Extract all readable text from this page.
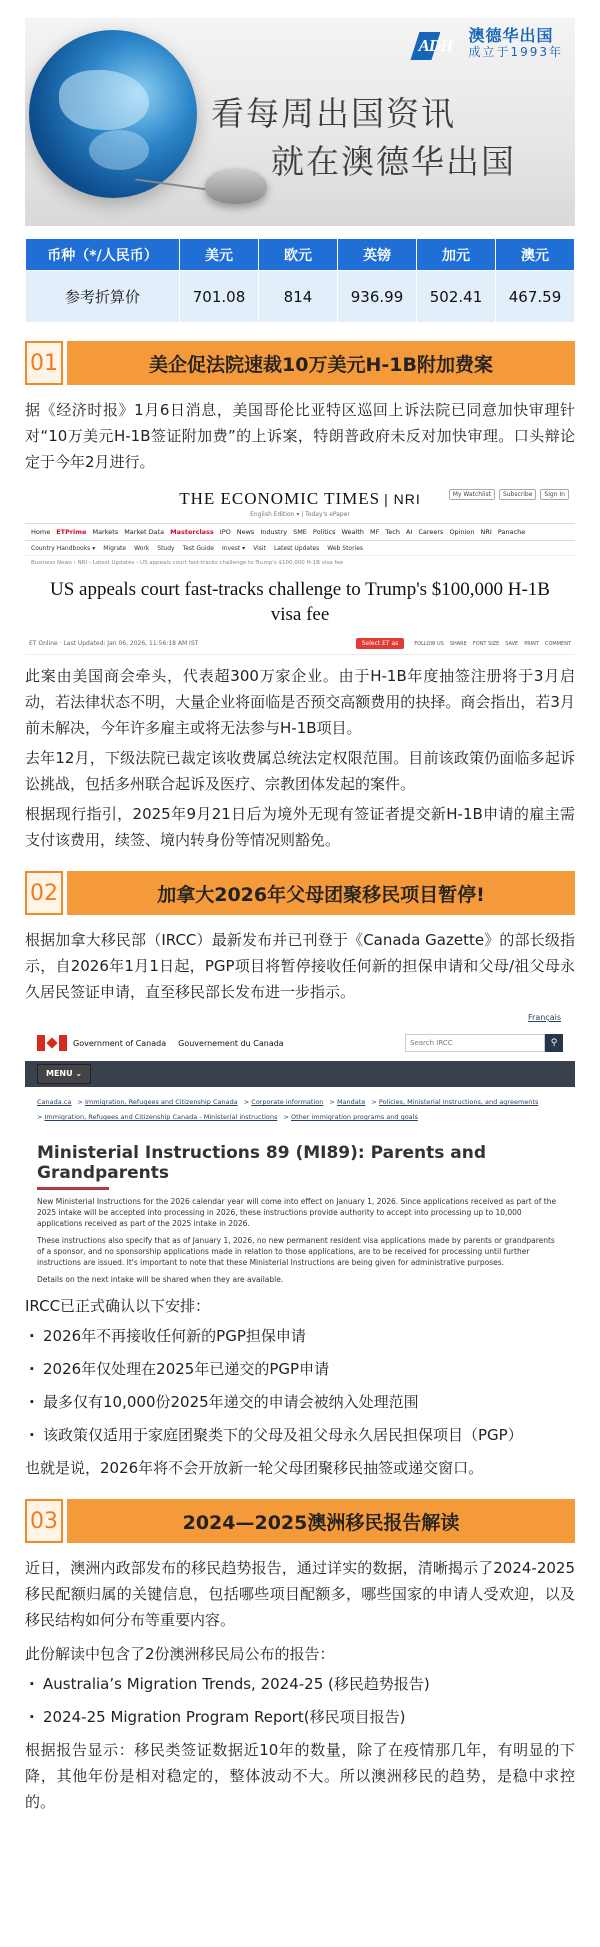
ADH
澳德华出国
成立于1993年
看每周出国资讯
就在澳德华出国
币种（*/人民币）	美元	欧元	英镑	加元	澳元
参考折算价	701.08	814	936.99	502.41	467.59
01	美企促法院速裁10万美元H-1B附加费案

据《经济时报》1月6日消息，美国哥伦比亚特区巡回上诉法院已同意加快审理针对“10万美元H-1B签证附加费”的上诉案，特朗普政府未反对加快审理。口头辩论定于今年2月进行。

THE ECONOMIC TIMES | NRI
English Edition ▾ | Today's ePaper
My Watchlist	Subscribe	Sign In
Home ETPrime Markets Market Data Masterclass IPO News Industry SME Politics Wealth MF Tech AI Careers Opinion NRI Panache
Country Handbooks ▾ Migrate Work Study Test Guide Invest ▾ Visit Latest Updates Web Stories
Business News › NRI › Latest Updates › US appeals court fast-tracks challenge to Trump's $100,000 H-1B visa fee
US appeals court fast-tracks challenge to Trump's $100,000 H-1B visa fee
ET Online · Last Updated: Jan 06, 2026, 11:56:18 AM IST	Select ET as	FOLLOW US SHARE FONT SIZE SAVE PRINT COMMENT

此案由美国商会牵头，代表超300万家企业。由于H-1B年度抽签注册将于3月启动，若法律状态不明，大量企业将面临是否预交高额费用的抉择。商会指出，若3月前未解决，今年许多雇主或将无法参与H-1B项目。

去年12月，下级法院已裁定该收费属总统法定权限范围。目前该政策仍面临多起诉讼挑战，包括多州联合起诉及医疗、宗教团体发起的案件。

根据现行指引，2025年9月21日后为境外无现有签证者提交新H-1B申请的雇主需支付该费用，续签、境内转身份等情况则豁免。

02	加拿大2026年父母团聚移民项目暂停!

根据加拿大移民部（IRCC）最新发布并已刊登于《Canada Gazette》的部长级指示，自2026年1月1日起，PGP项目将暂停接收任何新的担保申请和父母/祖父母永久居民签证申请，直至移民部长发布进一步指示。

Français
Government of Canada Gouvernement du Canada	Search IRCC	⚲
MENU ⌄
Canada.ca > Immigration, Refugees and Citizenship Canada > Corporate information > Mandate > Policies, Ministerial Instructions, and agreements
> Immigration, Refugees and Citizenship Canada - Ministerial instructions > Other immigration programs and goals
Ministerial Instructions 89 (MI89): Parents and Grandparents
New Ministerial Instructions for the 2026 calendar year will come into effect on January 1, 2026. Since applications received as part of the 2025 intake will be accepted into processing in 2026, these instructions provide authority to accept into processing up to 10,000 applications received as part of the 2025 intake in 2026.
These instructions also specify that as of January 1, 2026, no new permanent resident visa applications made by parents or grandparents of a sponsor, and no sponsorship applications made in relation to those applications, are to be received for processing until further instructions are issued. It's important to note that these Ministerial Instructions are being given for administrative purposes.
Details on the next intake will be shared when they are available.

IRCC已正式确认以下安排：

· 2026年不再接收任何新的PGP担保申请
· 2026年仅处理在2025年已递交的PGP申请
· 最多仅有10,000份2025年递交的申请会被纳入处理范围
· 该政策仅适用于家庭团聚类下的父母及祖父母永久居民担保项目（PGP）

也就是说，2026年将不会开放新一轮父母团聚移民抽签或递交窗口。

03	2024—2025澳洲移民报告解读

近日，澳洲内政部发布的移民趋势报告，通过详实的数据，清晰揭示了2024-2025移民配额归属的关键信息，包括哪些项目配额多，哪些国家的申请人受欢迎，以及移民结构如何分布等重要内容。

此份解读中包含了2份澳洲移民局公布的报告：

· Australia’s Migration Trends, 2024-25 (移民趋势报告)
· 2024-25 Migration Program Report(移民项目报告)

根据报告显示：移民类签证数据近10年的数量，除了在疫情那几年，有明显的下降，其他年份是相对稳定的，整体波动不大。所以澳洲移民的趋势，是稳中求控的。
